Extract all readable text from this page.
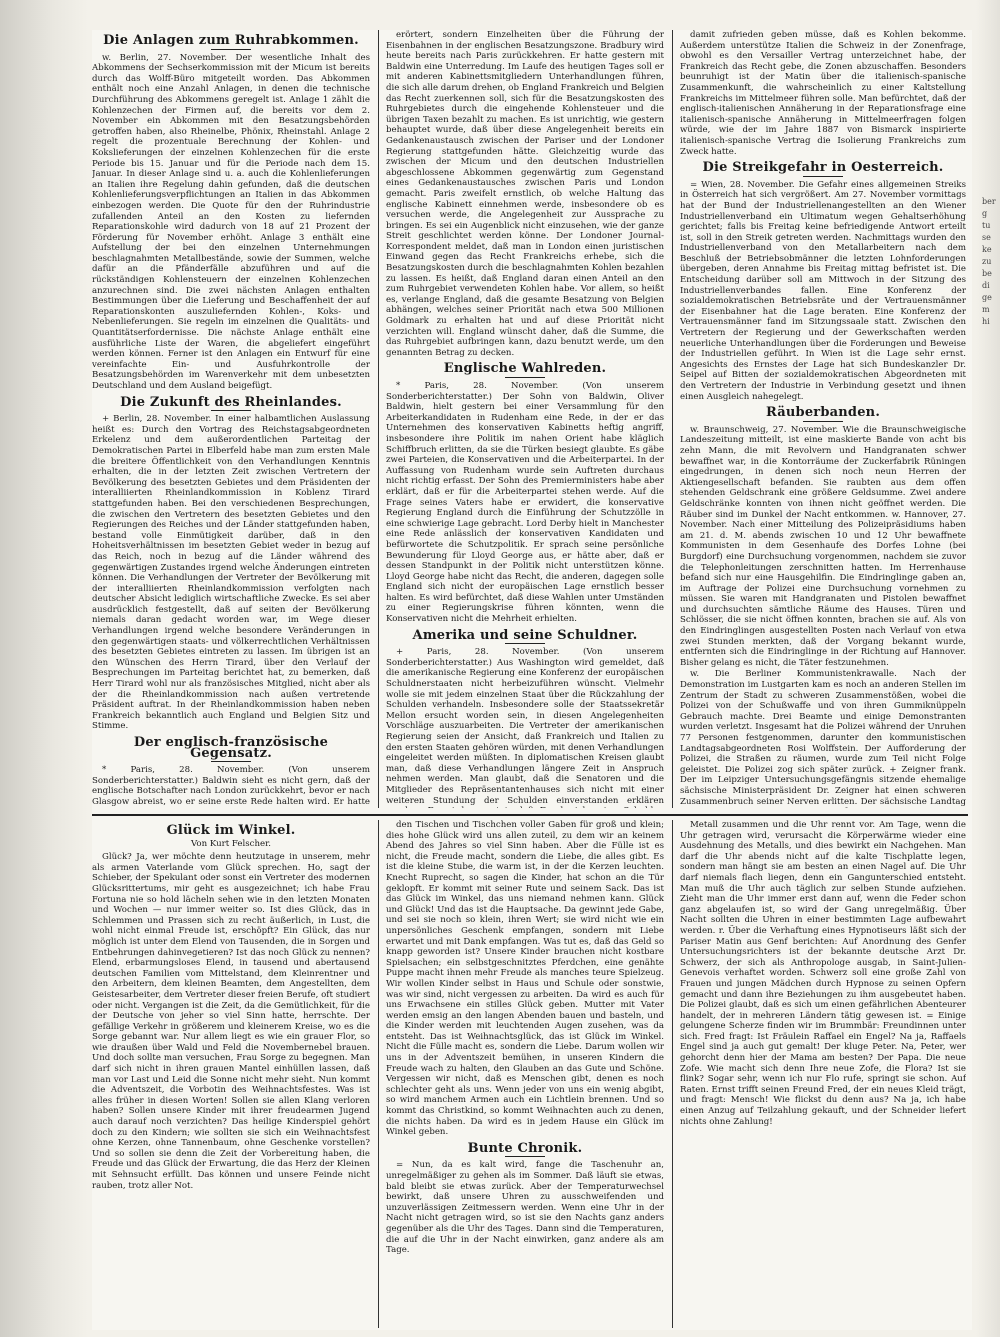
Die Anlagen zum Ruhrabkommen.

w. Berlin, 27. November. Der wesentliche Inhalt des Abkommens der Sechserkommission mit der Micum ist bereits durch das Wolff-Büro mitgeteilt worden. Das Abkommen enthält noch eine Anzahl Anlagen, in denen die technische Durchführung des Abkommens geregelt ist. Anlage 1 zählt die Kohlenzechen der Firmen auf, die bereits vor dem 2. November ein Abkommen mit den Besatzungsbehörden getroffen haben, also Rheinelbe, Phönix, Rheinstahl. Anlage 2 regelt die prozentuale Berechnung der Kohlen- und Kokslieferungen der einzelnen Kohlenzechen für die erste Periode bis 15. Januar und für die Periode nach dem 15. Januar. In dieser Anlage sind u. a. auch die Kohlenlieferungen an Italien ihre Regelung dahin gefunden, daß die deutschen Kohlenlieferungsverpflichtungen an Italien in das Abkommen einbezogen werden. Die Quote für den der Ruhrindustrie zufallenden Anteil an den Kosten zu liefernden Reparationskohle wird dadurch von 18 auf 21 Prozent der Förderung für November erhöht. Anlage 3 enthält eine Aufstellung der bei den einzelnen Unternehmungen beschlagnahmten Metallbestände, sowie der Summen, welche dafür an die Pfänderfälle abzuführen und auf die rückständigen Kohlensteuern der einzelnen Kohlenzechen anzurechnen sind. Die zwei nächsten Anlagen enthalten Bestimmungen über die Lieferung und Beschaffenheit der auf Reparationskonten auszuliefernden Kohlen-, Koks- und Nebenlieferungen. Sie regeln im einzelnen die Qualitäts- und Quantitätserfordernisse. Die nächste Anlage enthält eine ausführliche Liste der Waren, die abgeliefert eingeführt werden können. Ferner ist den Anlagen ein Entwurf für eine vereinfachte Ein- und Ausfuhrkontrolle der Besatzungsbehörden im Warenverkehr mit dem unbesetzten Deutschland und dem Ausland beigefügt.

Die Zukunft des Rheinlandes.

+ Berlin, 28. November. In einer halbamtlichen Auslassung heißt es: Durch den Vortrag des Reichstagsabgeordneten Erkelenz und dem außerordentlichen Parteitag der Demokratischen Partei in Elberfeld habe man zum ersten Male die breitere Öffentlichkeit von den Verhandlungen Kenntnis erhalten, die in der letzten Zeit zwischen Vertretern der Bevölkerung des besetzten Gebietes und dem Präsidenten der interalliierten Rheinlandkommission in Koblenz Tirard stattgefunden haben. Bei den verschiedenen Besprechungen, die zwischen den Vertretern des besetzten Gebietes und den Regierungen des Reiches und der Länder stattgefunden haben, bestand volle Einmütigkeit darüber, daß in den Hoheitsverhältnissen im besetzten Gebiet weder in bezug auf das Reich, noch in bezug auf die Länder während des gegenwärtigen Zustandes irgend welche Änderungen eintreten können. Die Verhandlungen der Vertreter der Bevölkerung mit der interalliierten Rheinlandkommission verfolgten nach deutscher Absicht lediglich wirtschaftliche Zwecke. Es sei aber ausdrücklich festgestellt, daß auf seiten der Bevölkerung niemals daran gedacht worden war, im Wege dieser Verhandlungen irgend welche besondere Veränderungen in den gegenwärtigen staats- und völkerrechtlichen Verhältnissen des besetzten Gebietes eintreten zu lassen. Im übrigen ist an den Wünschen des Herrn Tirard, über den Verlauf der Besprechungen im Parteitag berichtet hat, zu bemerken, daß Herr Tirard wohl nur als französisches Mitglied, nicht aber als der die Rheinlandkommission nach außen vertretende Präsident auftrat. In der Rheinlandkommission haben neben Frankreich bekanntlich auch England und Belgien Sitz und Stimme.

Der englisch-französische Gegensatz.

* Paris, 28. November. (Von unserem Sonderberichterstatter.) Baldwin sieht es nicht gern, daß der englische Botschafter nach London zurückkehrt, bevor er nach Glasgow abreist, wo er seine erste Rede halten wird. Er hatte

erörtert, sondern Einzelheiten über die Führung der Eisenbahnen in der englischen Besatzungszone. Bradbury wird heute bereits nach Paris zurückkehren. Er hatte gestern mit Baldwin eine Unterredung. Im Laufe des heutigen Tages soll er mit anderen Kabinettsmitgliedern Unterhandlungen führen, die sich alle darum drehen, ob England Frankreich und Belgien das Recht zuerkennen soll, sich für die Besatzungskosten des Ruhrgebietes durch die eingehende Kohlensteuer und die übrigen Taxen bezahlt zu machen. Es ist unrichtig, wie gestern behauptet wurde, daß über diese Angelegenheit bereits ein Gedankenaustausch zwischen der Pariser und der Londoner Regierung stattgefunden hätte. Gleichzeitig wurde das zwischen der Micum und den deutschen Industriellen abgeschlossene Abkommen gegenwärtig zum Gegenstand eines Gedankenaustausches zwischen Paris und London gemacht. Paris zweifelt ernstlich, ob welche Haltung das englische Kabinett einnehmen werde, insbesondere ob es versuchen werde, die Angelegenheit zur Aussprache zu bringen. Es sei ein Augenblick nicht einzusehen, wie der ganze Streit geschlichtet werden könne. Der Londoner Journal-Korrespondent meldet, daß man in London einen juristischen Einwand gegen das Recht Frankreichs erhebe, sich die Besatzungskosten durch die beschlagnahmten Kohlen bezahlen zu lassen. Es heißt, daß England daran einen Anteil an den zum Ruhrgebiet verwendeten Kohlen habe. Vor allem, so heißt es, verlange England, daß die gesamte Besatzung von Belgien abhängen, welches seiner Priorität nach etwa 500 Millionen Goldmark zu erhalten hat und auf diese Priorität nicht verzichten will. England wünscht daher, daß die Summe, die das Ruhrgebiet aufbringen kann, dazu benutzt werde, um den genannten Betrag zu decken.

Englische Wahlreden.

* Paris, 28. November. (Von unserem Sonderberichterstatter.) Der Sohn von Baldwin, Oliver Baldwin, hielt gestern bei einer Versammlung für den Arbeiterkandidaten in Rudenham eine Rede, in der er das Unternehmen des konservativen Kabinetts heftig angriff, insbesondere ihre Politik im nahen Orient habe kläglich Schiffbruch erlitten, da sie die Türken besiegt glaubte. Es gäbe zwei Parteien, die Konservativen und die Arbeiterpartei. In der Auffassung von Rudenham wurde sein Auftreten durchaus nicht richtig erfasst. Der Sohn des Premierministers habe aber erklärt, daß er für die Arbeiterpartei stehen werde. Auf die Frage seines Vaters habe er erwidert, die konservative Regierung England durch die Einführung der Schutzzölle in eine schwierige Lage gebracht. Lord Derby hielt in Manchester eine Rede anlässlich der konservativen Kandidaten und befürwortete die Schutzpolitik. Er sprach seine persönliche Bewunderung für Lloyd George aus, er hätte aber, daß er dessen Standpunkt in der Politik nicht unterstützen könne. Lloyd George habe nicht das Recht, die anderen, dagegen solle England sich nicht der europäischen Lage ernstlich besser halten. Es wird befürchtet, daß diese Wahlen unter Umständen zu einer Regierungskrise führen könnten, wenn die Konservativen nicht die Mehrheit erhielten.

Amerika und seine Schuldner.

+ Paris, 28. November. (Von unserem Sonderberichterstatter.) Aus Washington wird gemeldet, daß die amerikanische Regierung eine Konferenz der europäischen Schuldnerstaaten nicht herbeizuführen wünscht. Vielmehr wolle sie mit jedem einzelnen Staat über die Rückzahlung der Schulden verhandeln. Insbesondere solle der Staatssekretär Mellon ersucht worden sein, in diesen Angelegenheiten Vorschläge auszuarbeiten. Die Vertreter der amerikanischen Regierung seien der Ansicht, daß Frankreich und Italien zu den ersten Staaten gehören würden, mit denen Verhandlungen eingeleitet werden müßten. In diplomatischen Kreisen glaubt man, daß diese Verhandlungen längere Zeit in Anspruch nehmen werden. Man glaubt, daß die Senatoren und die Mitglieder des Repräsentantenhauses sich nicht mit einer weiteren Stundung der Schulden einverstanden erklären

damit zufrieden geben müsse, daß es Kohlen bekomme. Außerdem unterstütze Italien die Schweiz in der Zonenfrage, obwohl es den Versailler Vertrag unterzeichnet habe, der Frankreich das Recht gebe, die Zonen abzuschaffen. Besonders beunruhigt ist der Matin über die italienisch-spanische Zusammenkunft, die wahrscheinlich zu einer Kaltstellung Frankreichs im Mittelmeer führen solle. Man befürchtet, daß der englisch-italienischen Annäherung in der Reparationsfrage eine italienisch-spanische Annäherung in Mittelmeerfragen folgen würde, wie der im Jahre 1887 von Bismarck inspirierte italienisch-spanische Vertrag die Isolierung Frankreichs zum Zweck hatte.

Die Streikgefahr in Oesterreich.

= Wien, 28. November. Die Gefahr eines allgemeinen Streiks in Österreich hat sich vergrößert. Am 27. November vormittags hat der Bund der Industriellenangestellten an den Wiener Industriellenverband ein Ultimatum wegen Gehaltserhöhung gerichtet; falls bis Freitag keine befriedigende Antwort erteilt ist, soll in den Streik getreten werden. Nachmittags wurden den Industriellenverband von den Metallarbeitern nach dem Beschluß der Betriebsobmänner die letzten Lohnforderungen übergeben, deren Annahme bis Freitag mittag befristet ist. Die Entscheidung darüber soll am Mittwoch in der Sitzung des Industriellenverbandes fallen. Eine Konferenz der sozialdemokratischen Betriebsräte und der Vertrauensmänner der Eisenbahner hat die Lage beraten. Eine Konferenz der Vertrauensmänner fand im Sitzungssaale statt. Zwischen den Vertretern der Regierung und der Gewerkschaften werden neuerliche Unterhandlungen über die Forderungen und Beweise der Industriellen geführt. In Wien ist die Lage sehr ernst. Angesichts des Ernstes der Lage hat sich Bundeskanzler Dr. Seipel auf Bitten der sozialdemokratischen Abgeordneten mit den Vertretern der Industrie in Verbindung gesetzt und ihnen einen Ausgleich nahegelegt.

Räuberbanden.

w. Braunschweig, 27. November. Wie die Braunschweigische Landeszeitung mitteilt, ist eine maskierte Bande von acht bis zehn Mann, die mit Revolvern und Handgranaten schwer bewaffnet war, in die Kontorräume der Zuckerfabrik Rüningen eingedrungen, in denen sich noch neun Herren der Aktiengesellschaft befanden. Sie raubten aus dem offen stehenden Geldschrank eine größere Geldsumme. Zwei andere Geldschränke konnten von ihnen nicht geöffnet werden. Die Räuber sind im Dunkel der Nacht entkommen. w. Hannover, 27. November. Nach einer Mitteilung des Polizeipräsidiums haben am 21. d. M. abends zwischen 10 und 12 Uhr bewaffnete Kommunisten in dem Gesenhaufe des Dorfes Lohne (bei Burgdorf) eine Durchsuchung vorgenommen, nachdem sie zuvor die Telephonleitungen zerschnitten hatten. Im Herrenhause befand sich nur eine Hausgehilfin. Die Eindringlinge gaben an, im Auftrage der Polizei eine Durchsuchung vornehmen zu müssen. Sie waren mit Handgranaten und Pistolen bewaffnet und durchsuchten sämtliche Räume des Hauses. Türen und Schlösser, die sie nicht öffnen konnten, brachen sie auf. Als von den Eindringlingen ausgestellten Posten nach Verlauf von etwa zwei Stunden merkten, daß der Vorgang bekannt wurde, entfernten sich die Eindringlinge in der Richtung auf Hannover. Bisher gelang es nicht, die Täter festzunehmen.

w. Die Berliner Kommunistenkrawalle. Nach der Demonstration im Lustgarten kam es noch an anderen Stellen im Zentrum der Stadt zu schweren Zusammenstößen, wobei die Polizei von der Schußwaffe und von ihren Gummiknüppeln Gebrauch machte. Drei Beamte und einige Demonstranten wurden verletzt. Insgesamt hat die Polizei während der Unruhen 77 Personen festgenommen, darunter den kommunistischen Landtagsabgeordneten Rosi Wolffstein. Der Aufforderung der Polizei, die Straßen zu räumen, wurde zum Teil nicht Folge geleistet. Die Polizei zog sich später zurück. + Zeigner frank. Der im Leipziger Untersuchungsgefängnis sitzende ehemalige sächsische Ministerpräsident Dr. Zeigner hat einen schweren Zusammenbruch seiner Nerven erlitten. Der sächsische Landtag

Glück im Winkel.
Von Kurt Felscher.

Glück? Ja, wer möchte denn heutzutage in unserem, mehr als armen Vaterlande vom Glück sprechen. Ho, sagt der Schieber, der Spekulant oder sonst ein Vertreter des modernen Glücksrittertums, mir geht es ausgezeichnet; ich habe Frau Fortuna nie so hold lächeln sehen wie in den letzten Monaten und Wochen — nur immer weiter so. Ist dies Glück, das in Schlemmen und Prassen sich zu recht äußerlich, in Lust, die wohl nicht einmal Freude ist, erschöpft? Ein Glück, das nur möglich ist unter dem Elend von Tausenden, die in Sorgen und Entbehrungen dahinvegetieren? Ist das noch Glück zu nennen? Elend, erbarmungsloses Elend, in tausend und abertausend deutschen Familien vom Mittelstand, dem Kleinrentner und den Arbeitern, dem kleinen Beamten, dem Angestellten, dem Geistesarbeiter, dem Vertreter dieser freien Berufe, oft studiert oder nicht. Vergangen ist die Zeit, da die Gemütlichkeit, für die der Deutsche von jeher so viel Sinn hatte, herrschte. Der gefällige Verkehr in größerem und kleinerem Kreise, wo es die Sorge gebannt war. Nur allem liegt es wie ein grauer Flor, so wie draußen über Wald und Feld die Novembernebel brauen. Und doch sollte man versuchen, Frau Sorge zu begegnen. Man darf sich nicht in ihren grauen Mantel einhüllen lassen, daß man vor Last und Leid die Sonne nicht mehr sieht. Nun kommt die Adventszeit, die Vorbotin des Weihnachtsfestes. Was ist alles früher in diesen Worten! Sollen sie allen Klang verloren haben? Sollen unsere Kinder mit ihrer freudearmen Jugend auch darauf noch verzichten? Das heilige Kinderspiel gehört doch zu den Kindern; wie sollten sie sich ein Weihnachtsfest ohne Kerzen, ohne Tannenbaum, ohne Geschenke vorstellen? Und so sollen sie denn die Zeit der Vorbereitung haben, die Freude und das Glück der Erwartung, die das Herz der Kleinen mit Sehnsucht erfüllt. Das können und unsere Feinde nicht rauben, trotz aller Not.

den Tischen und Tischchen voller Gaben für groß und klein; dies hohe Glück wird uns allen zuteil, zu dem wir an keinem Abend des Jahres so viel Sinn haben. Aber die Fülle ist es nicht, die Freude macht, sondern die Liebe, die alles gibt. Es ist die kleine Stube, die warm ist, in der die Kerzen leuchten. Knecht Ruprecht, so sagen die Kinder, hat schon an die Tür geklopft. Er kommt mit seiner Rute und seinem Sack. Das ist das Glück im Winkel, das uns niemand nehmen kann. Glück und Glück! Und das ist die Hauptsache. Da gewinnt jede Gabe, und sei sie noch so klein, ihren Wert; sie wird nicht wie ein unpersönliches Geschenk empfangen, sondern mit Liebe erwartet und mit Dank empfangen. Was tut es, daß das Geld so knapp geworden ist? Unsere Kinder brauchen nicht kostbare Spielsachen; ein selbstgeschnitztes Pferdchen, eine genähte Puppe macht ihnen mehr Freude als manches teure Spielzeug. Wir wollen Kinder selbst in Haus und Schule oder sonstwie, was wir sind, nicht vergessen zu arbeiten. Da wird es auch für uns Erwachsene ein stilles Glück geben. Mutter mit Vater werden emsig an den langen Abenden bauen und basteln, und die Kinder werden mit leuchtenden Augen zusehen, was da entsteht. Das ist Weihnachtsglück, das ist Glück im Winkel. Nicht die Fülle macht es, sondern die Liebe. Darum wollen wir uns in der Adventszeit bemühen, in unseren Kindern die Freude wach zu halten, den Glauben an das Gute und Schöne. Vergessen wir nicht, daß es Menschen gibt, denen es noch schlechter geht als uns. Wenn jeder von uns ein wenig abgibt, so wird manchem Armen auch ein Lichtlein brennen. Und so kommt das Christkind, so kommt Weihnachten auch zu denen, die nichts haben. Da wird es in jedem Hause ein Glück im Winkel geben.

Bunte Chronik.

= Nun, da es kalt wird, fange die Taschenuhr an, unregelmäßiger zu gehen als im Sommer. Daß läuft sie etwas, bald bleibt sie etwas zurück. Aber der Temperaturwechsel bewirkt, daß unsere Uhren zu ausschweifenden und unzuverlässigen Zeitmessern werden. Wenn eine Uhr in der Nacht nicht getragen wird, so ist sie den Nachts ganz anders gegenüber als die Uhr des Tages. Dann sind die Temperaturen, die auf die Uhr in der Nacht einwirken, ganz andere als am Tage.

Metall zusammen und die Uhr rennt vor. Am Tage, wenn die Uhr getragen wird, verursacht die Körperwärme wieder eine Ausdehnung des Metalls, und dies bewirkt ein Nachgehen. Man darf die Uhr abends nicht auf die kalte Tischplatte legen, sondern man hängt sie am besten an einen Nagel auf. Die Uhr darf niemals flach liegen, denn ein Gangunterschied entsteht. Man muß die Uhr auch täglich zur selben Stunde aufziehen. Zieht man die Uhr immer erst dann auf, wenn die Feder schon ganz abgelaufen ist, so wird der Gang unregelmäßig. Über Nacht sollten die Uhren in einer bestimmten Lage aufbewahrt werden. r. Über die Verhaftung eines Hypnotiseurs läßt sich der Pariser Matin aus Genf berichten: Auf Anordnung des Genfer Untersuchungsrichters ist der bekannte deutsche Arzt Dr. Schwerz, der sich als Anthropologe ausgab, in Saint-Julien-Genevois verhaftet worden. Schwerz soll eine große Zahl von Frauen und jungen Mädchen durch Hypnose zu seinen Opfern gemacht und dann ihre Beziehungen zu ihm ausgebeutet haben. Die Polizei glaubt, daß es sich um einen gefährlichen Abenteurer handelt, der in mehreren Ländern tätig gewesen ist. = Einige gelungene Scherze finden wir im Brummbär: Freundinnen unter sich. Fred fragt: Ist Fräulein Raffael ein Engel? Na ja, Raffaels Engel sind ja auch gut gemalt! Der kluge Peter. Na, Peter, wer gehorcht denn hier der Mama am besten? Der Papa. Die neue Zofe. Wie macht sich denn Ihre neue Zofe, die Flora? Ist sie flink? Sogar sehr, wenn ich nur Flo rufe, springt sie schon. Auf Raten. Ernst trifft seinen Freund Fred, der ein neues Kleid trägt, und fragt: Mensch! Wie flickst du denn aus? Na ja, ich habe einen Anzug auf Teilzahlung gekauft, und der Schneider liefert nichts ohne Zahlung!

ber
g
tu
se
ke
zu
be
di
ge
m
hi
